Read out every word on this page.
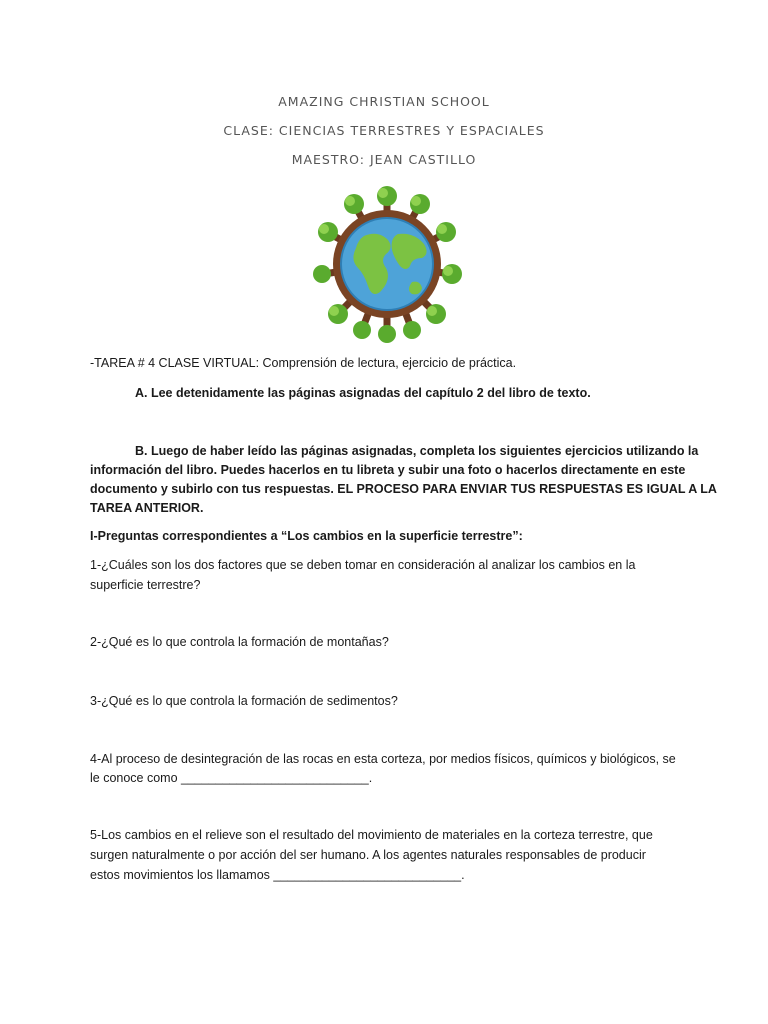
AMAZING CHRISTIAN SCHOOL
CLASE: CIENCIAS TERRESTRES Y ESPACIALES
MAESTRO: JEAN CASTILLO
-TAREA # 4 CLASE VIRTUAL: Comprensión de lectura, ejercicio de práctica.
A. Lee detenidamente las páginas asignadas del capítulo 2 del libro de texto.
B. Luego de haber leído las páginas asignadas, completa los siguientes ejercicios utilizando la
información del libro. Puedes hacerlos en tu libreta y subir una foto o hacerlos directamente en este
documento y subirlo con tus respuestas. EL PROCESO PARA ENVIAR TUS RESPUESTAS ES IGUAL A LA
TAREA ANTERIOR.
I-Preguntas correspondientes a “Los cambios en la superficie terrestre”:
1-¿Cuáles son los dos factores que se deben tomar en consideración al analizar los cambios en la
superficie terrestre?
2-¿Qué es lo que controla la formación de montañas?
3-¿Qué es lo que controla la formación de sedimentos?
4-Al proceso de desintegración de las rocas en esta corteza, por medios físicos, químicos y biológicos, se
le conoce como ___________________________.
5-Los cambios en el relieve son el resultado del movimiento de materiales en la corteza terrestre, que
surgen naturalmente o por acción del ser humano. A los agentes naturales responsables de producir
estos movimientos los llamamos ___________________________.
